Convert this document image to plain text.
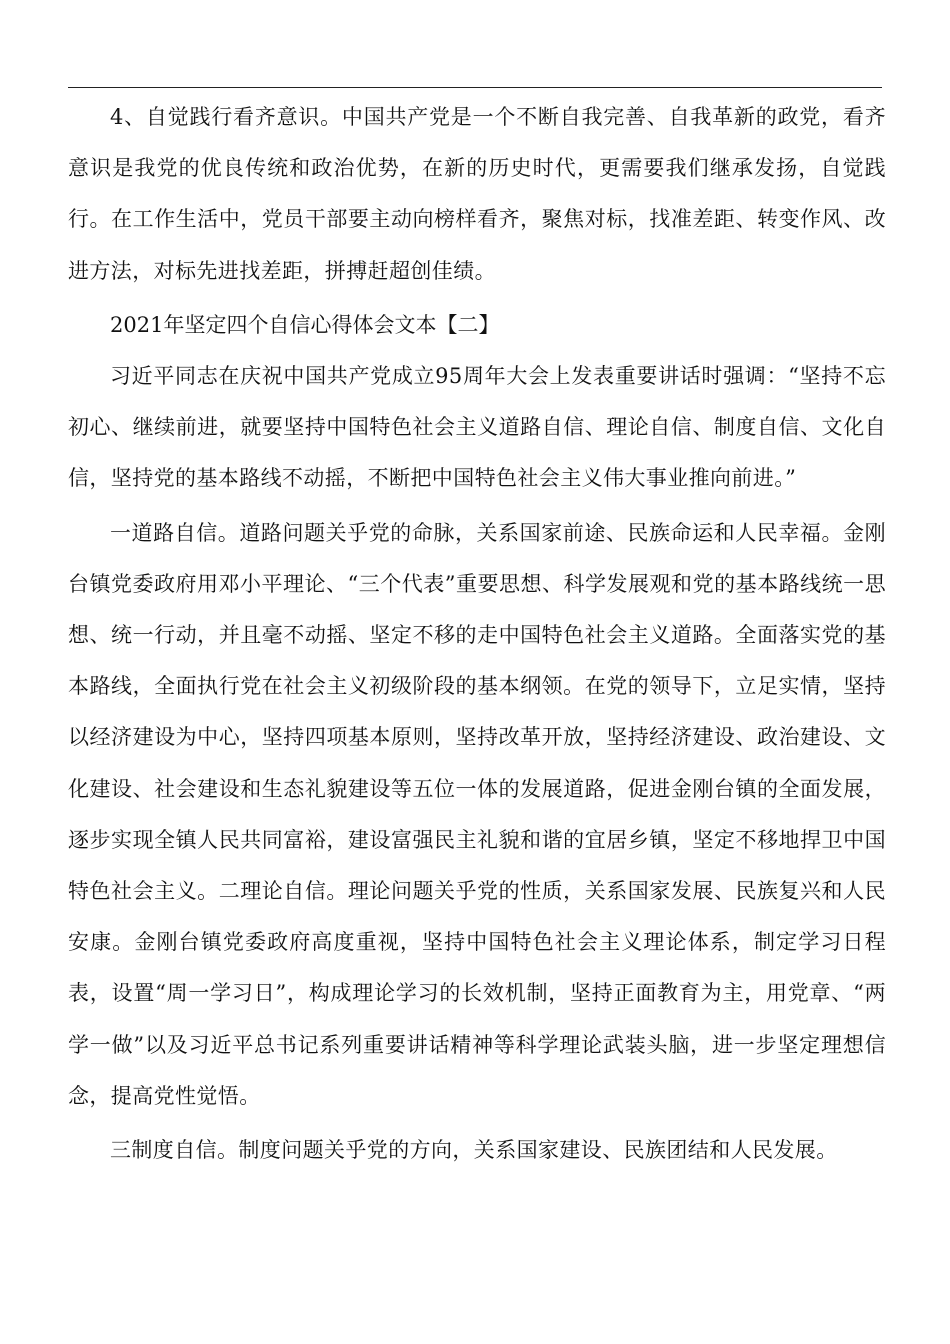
4、自觉践行看齐意识。中国共产党是一个不断自我完善、自我革新的政党，看齐意识是我党的优良传统和政治优势，在新的历史时代，更需要我们继承发扬，自觉践行。在工作生活中，党员干部要主动向榜样看齐，聚焦对标，找准差距、转变作风、改进方法，对标先进找差距，拼搏赶超创佳绩。

2021年坚定四个自信心得体会文本【二】

习近平同志在庆祝中国共产党成立95周年大会上发表重要讲话时强调：“坚持不忘初心、继续前进，就要坚持中国特色社会主义道路自信、理论自信、制度自信、文化自信，坚持党的基本路线不动摇，不断把中国特色社会主义伟大事业推向前进。”

一道路自信。道路问题关乎党的命脉，关系国家前途、民族命运和人民幸福。金刚台镇党委政府用邓小平理论、“三个代表”重要思想、科学发展观和党的基本路线统一思想、统一行动，并且毫不动摇、坚定不移的走中国特色社会主义道路。全面落实党的基本路线，全面执行党在社会主义初级阶段的基本纲领。在党的领导下，立足实情，坚持以经济建设为中心，坚持四项基本原则，坚持改革开放，坚持经济建设、政治建设、文化建设、社会建设和生态礼貌建设等五位一体的发展道路，促进金刚台镇的全面发展，逐步实现全镇人民共同富裕，建设富强民主礼貌和谐的宜居乡镇，坚定不移地捍卫中国特色社会主义。二理论自信。理论问题关乎党的性质，关系国家发展、民族复兴和人民安康。金刚台镇党委政府高度重视，坚持中国特色社会主义理论体系，制定学习日程表，设置“周一学习日”，构成理论学习的长效机制，坚持正面教育为主，用党章、“两学一做”以及习近平总书记系列重要讲话精神等科学理论武装头脑，进一步坚定理想信念，提高党性觉悟。

三制度自信。制度问题关乎党的方向，关系国家建设、民族团结和人民发展。
